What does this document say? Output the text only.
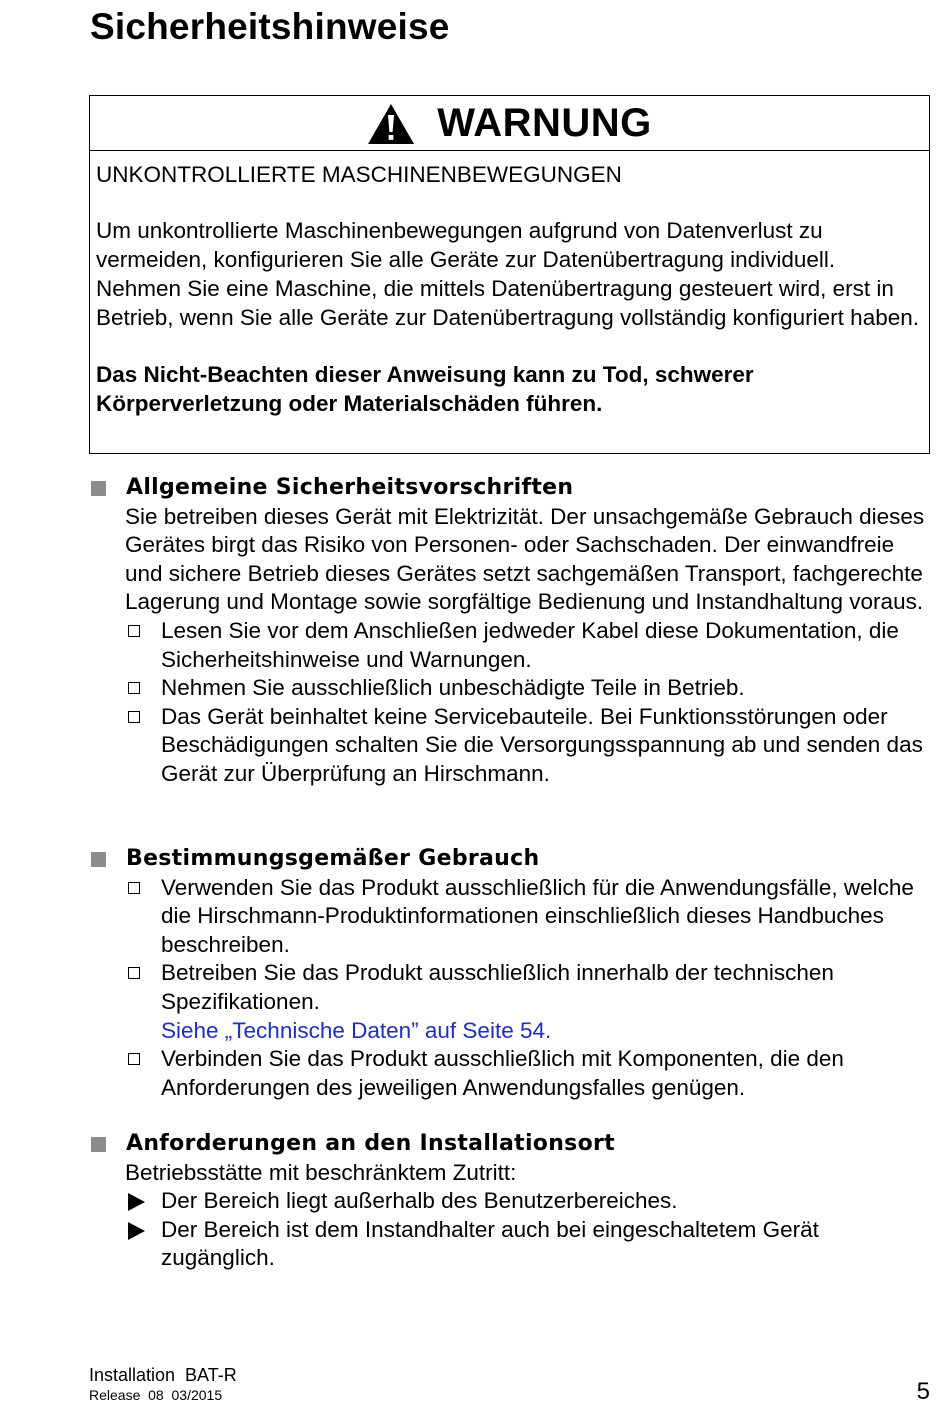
Sicherheitshinweise
WARNUNG
UNKONTROLLIERTE MASCHINENBEWEGUNGEN
Um unkontrollierte Maschinenbewegungen aufgrund von Datenverlust zu vermeiden, konfigurieren Sie alle Geräte zur Datenübertragung individuell. Nehmen Sie eine Maschine, die mittels Datenübertragung gesteuert wird, erst in Betrieb, wenn Sie alle Geräte zur Datenübertragung vollständig konfiguriert haben.
Das Nicht-Beachten dieser Anweisung kann zu Tod, schwerer Körperverletzung oder Materialschäden führen.
Allgemeine Sicherheitsvorschriften
Sie betreiben dieses Gerät mit Elektrizität. Der unsachgemäße Gebrauch dieses Gerätes birgt das Risiko von Personen- oder Sachschaden. Der einwandfreie und sichere Betrieb dieses Gerätes setzt sachgemäßen Transport, fachgerechte Lagerung und Montage sowie sorgfältige Bedienung und Instandhaltung voraus.
Lesen Sie vor dem Anschließen jedweder Kabel diese Dokumentation, die Sicherheitshinweise und Warnungen.
Nehmen Sie ausschließlich unbeschädigte Teile in Betrieb.
Das Gerät beinhaltet keine Servicebauteile. Bei Funktionsstörungen oder Beschädigungen schalten Sie die Versorgungsspannung ab und senden das Gerät zur Überprüfung an Hirschmann.
Bestimmungsgemäßer Gebrauch
Verwenden Sie das Produkt ausschließlich für die Anwendungsfälle, welche die Hirschmann-Produktinformationen einschließlich dieses Handbuches beschreiben.
Betreiben Sie das Produkt ausschließlich innerhalb der technischen Spezifikationen.
Siehe „Technische Daten” auf Seite 54.
Verbinden Sie das Produkt ausschließlich mit Komponenten, die den Anforderungen des jeweiligen Anwendungsfalles genügen.
Anforderungen an den Installationsort
Betriebsstätte mit beschränktem Zutritt:
Der Bereich liegt außerhalb des Benutzerbereiches.
Der Bereich ist dem Instandhalter auch bei eingeschaltetem Gerät zugänglich.
Installation  BAT-R
Release  08  03/2015	5
